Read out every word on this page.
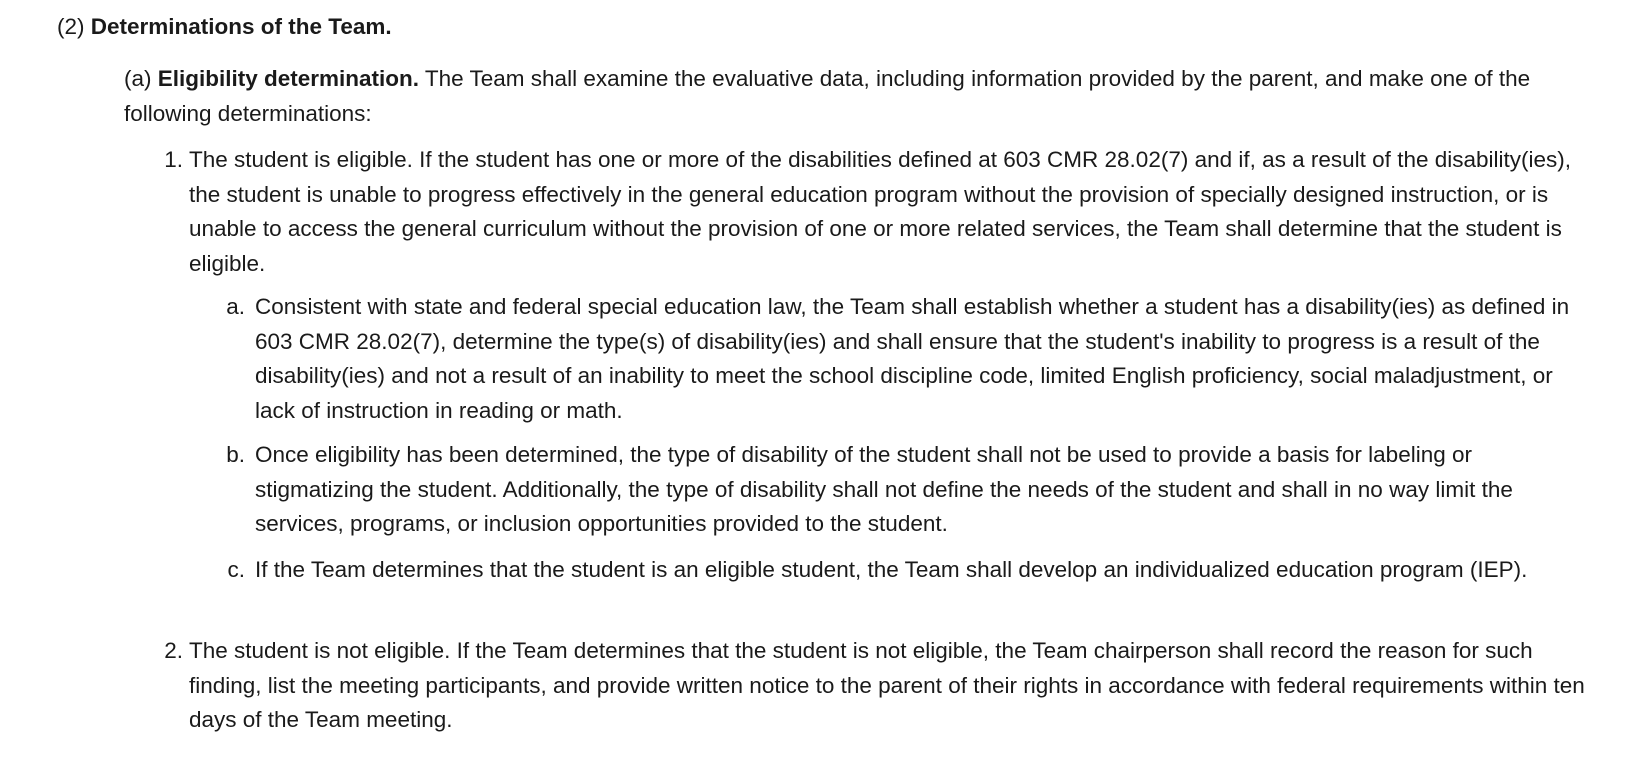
(2) Determinations of the Team.

(a) Eligibility determination. The Team shall examine the evaluative data, including information provided by the parent, and make one of the following determinations:

1. The student is eligible. If the student has one or more of the disabilities defined at 603 CMR 28.02(7) and if, as a result of the disability(ies), the student is unable to progress effectively in the general education program without the provision of specially designed instruction, or is unable to access the general curriculum without the provision of one or more related services, the Team shall determine that the student is eligible.

a. Consistent with state and federal special education law, the Team shall establish whether a student has a disability(ies) as defined in 603 CMR 28.02(7), determine the type(s) of disability(ies) and shall ensure that the student's inability to progress is a result of the disability(ies) and not a result of an inability to meet the school discipline code, limited English proficiency, social maladjustment, or lack of instruction in reading or math.

b. Once eligibility has been determined, the type of disability of the student shall not be used to provide a basis for labeling or stigmatizing the student. Additionally, the type of disability shall not define the needs of the student and shall in no way limit the services, programs, or inclusion opportunities provided to the student.

c. If the Team determines that the student is an eligible student, the Team shall develop an individualized education program (IEP).

2. The student is not eligible. If the Team determines that the student is not eligible, the Team chairperson shall record the reason for such finding, list the meeting participants, and provide written notice to the parent of their rights in accordance with federal requirements within ten days of the Team meeting.
